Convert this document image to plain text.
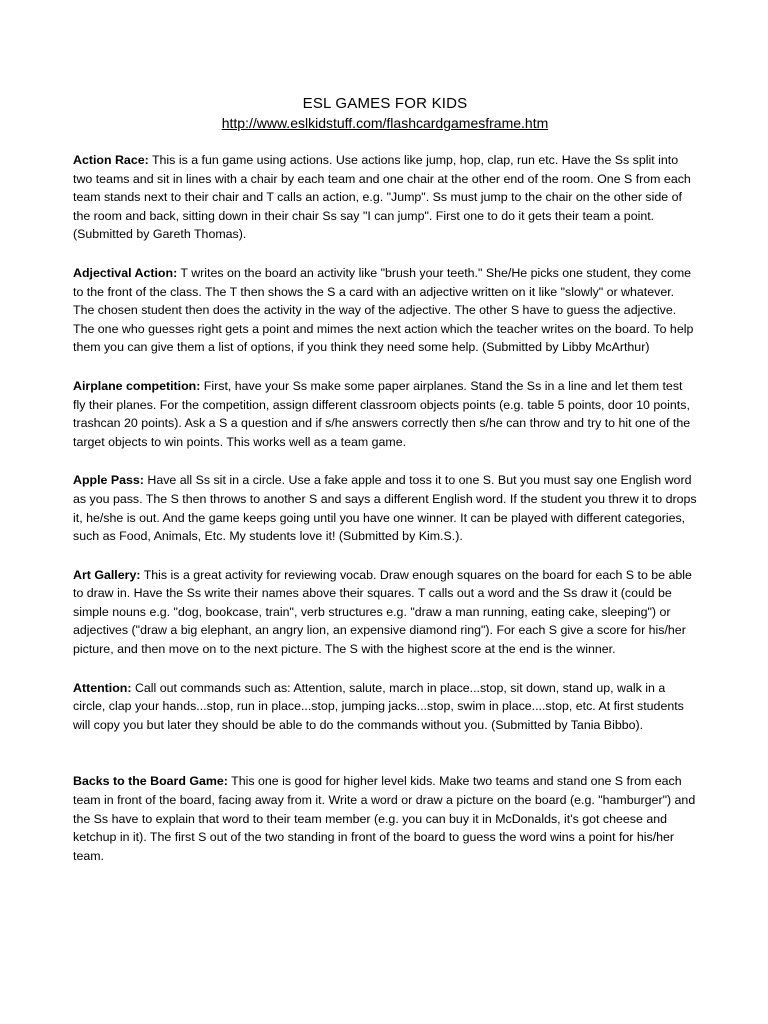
ESL GAMES FOR KIDS
http://www.eslkidstuff.com/flashcardgamesframe.htm

Action Race: This is a fun game using actions. Use actions like jump, hop, clap, run etc. Have the Ss split into two teams and sit in lines with a chair by each team and one chair at the other end of the room. One S from each team stands next to their chair and T calls an action, e.g. "Jump". Ss must jump to the chair on the other side of the room and back, sitting down in their chair Ss say "I can jump". First one to do it gets their team a point. (Submitted by Gareth Thomas).

Adjectival Action: T writes on the board an activity like "brush your teeth." She/He picks one student, they come to the front of the class. The T then shows the S a card with an adjective written on it like "slowly" or whatever. The chosen student then does the activity in the way of the adjective. The other S have to guess the adjective. The one who guesses right gets a point and mimes the next action which the teacher writes on the board. To help them you can give them a list of options, if you think they need some help. (Submitted by Libby McArthur)

Airplane competition: First, have your Ss make some paper airplanes. Stand the Ss in a line and let them test fly their planes. For the competition, assign different classroom objects points (e.g. table 5 points, door 10 points, trashcan 20 points). Ask a S a question and if s/he answers correctly then s/he can throw and try to hit one of the target objects to win points. This works well as a team game.

Apple Pass: Have all Ss sit in a circle. Use a fake apple and toss it to one S. But you must say one English word as you pass. The S then throws to another S and says a different English word. If the student you threw it to drops it, he/she is out. And the game keeps going until you have one winner. It can be played with different categories, such as Food, Animals, Etc. My students love it! (Submitted by Kim.S.).

Art Gallery: This is a great activity for reviewing vocab. Draw enough squares on the board for each S to be able to draw in. Have the Ss write their names above their squares. T calls out a word and the Ss draw it (could be simple nouns e.g. "dog, bookcase, train", verb structures e.g. "draw a man running, eating cake, sleeping") or adjectives ("draw a big elephant, an angry lion, an expensive diamond ring"). For each S give a score for his/her picture, and then move on to the next picture. The S with the highest score at the end is the winner.

Attention: Call out commands such as: Attention, salute, march in place...stop, sit down, stand up, walk in a circle, clap your hands...stop, run in place...stop, jumping jacks...stop, swim in place....stop, etc. At first students will copy you but later they should be able to do the commands without you. (Submitted by Tania Bibbo).

Backs to the Board Game: This one is good for higher level kids. Make two teams and stand one S from each team in front of the board, facing away from it. Write a word or draw a picture on the board (e.g. "hamburger") and the Ss have to explain that word to their team member (e.g. you can buy it in McDonalds, it's got cheese and ketchup in it). The first S out of the two standing in front of the board to guess the word wins a point for his/her team.
